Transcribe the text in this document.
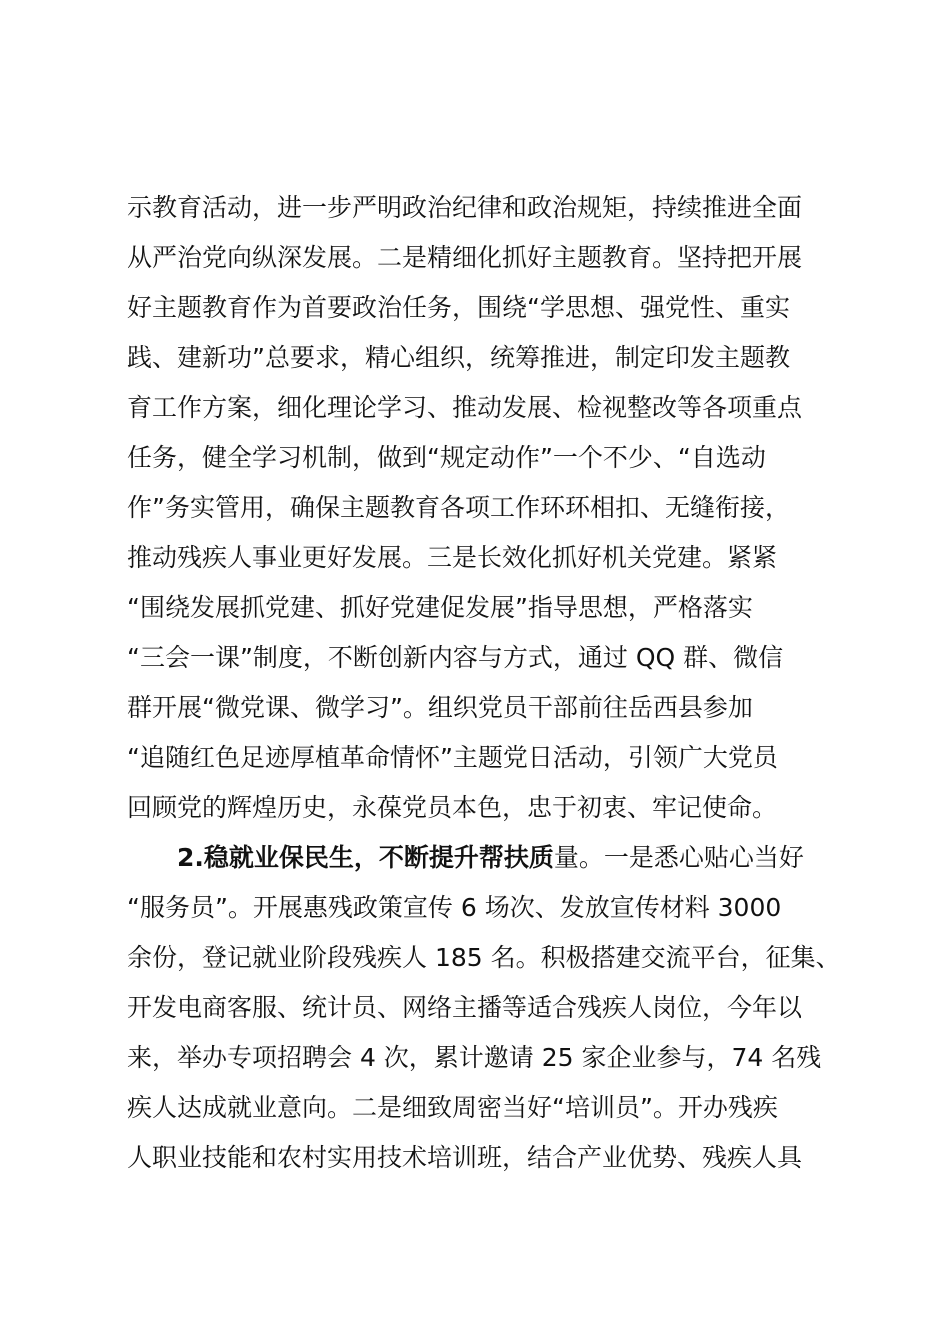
示教育活动，进一步严明政治纪律和政治规矩，持续推进全面
从严治党向纵深发展。二是精细化抓好主题教育。坚持把开展
好主题教育作为首要政治任务，围绕“学思想、强党性、重实
践、建新功”总要求，精心组织，统筹推进，制定印发主题教
育工作方案，细化理论学习、推动发展、检视整改等各项重点
任务，健全学习机制，做到“规定动作”一个不少、“自选动
作”务实管用，确保主题教育各项工作环环相扣、无缝衔接，
推动残疾人事业更好发展。三是长效化抓好机关党建。紧紧
“围绕发展抓党建、抓好党建促发展”指导思想，严格落实
“三会一课”制度，不断创新内容与方式，通过 QQ 群、微信
群开展“微党课、微学习”。组织党员干部前往岳西县参加
“追随红色足迹厚植革命情怀”主题党日活动，引领广大党员
回顾党的辉煌历史，永葆党员本色，忠于初衷、牢记使命。
2.稳就业保民生，不断提升帮扶质量。一是悉心贴心当好
“服务员”。开展惠残政策宣传 6 场次、发放宣传材料 3000
余份，登记就业阶段残疾人 185 名。积极搭建交流平台，征集、
开发电商客服、统计员、网络主播等适合残疾人岗位，今年以
来，举办专项招聘会 4 次，累计邀请 25 家企业参与，74 名残
疾人达成就业意向。二是细致周密当好“培训员”。开办残疾
人职业技能和农村实用技术培训班，结合产业优势、残疾人具
